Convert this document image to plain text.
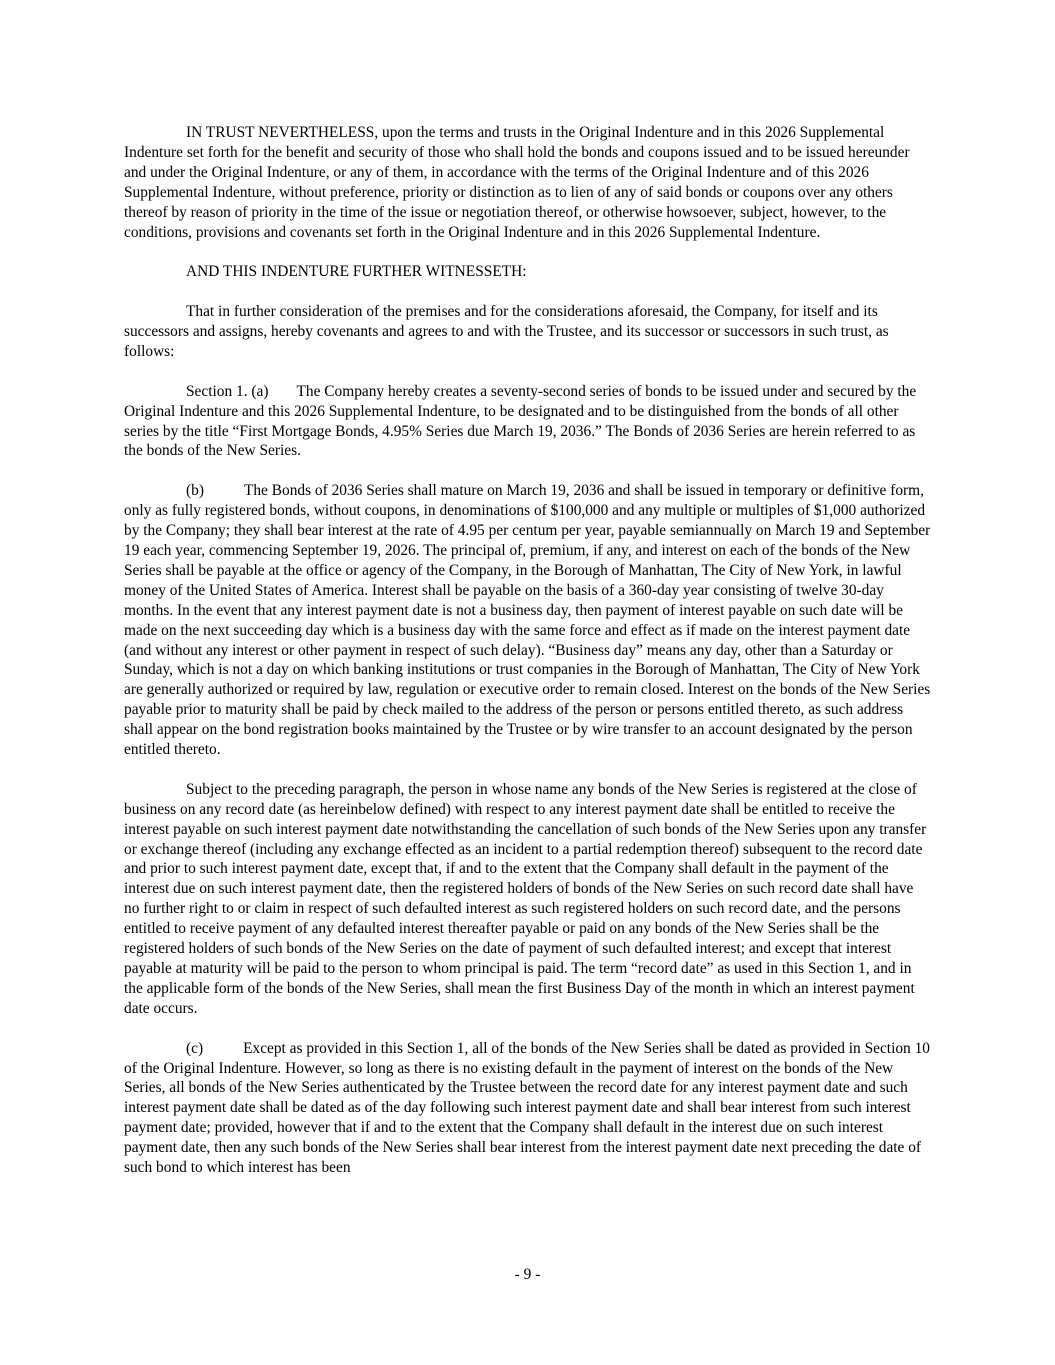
IN TRUST NEVERTHELESS, upon the terms and trusts in the Original Indenture and in this 2026 Supplemental Indenture set forth for the benefit and security of those who shall hold the bonds and coupons issued and to be issued hereunder and under the Original Indenture, or any of them, in accordance with the terms of the Original Indenture and of this 2026 Supplemental Indenture, without preference, priority or distinction as to lien of any of said bonds or coupons over any others thereof by reason of priority in the time of the issue or negotiation thereof, or otherwise howsoever, subject, however, to the conditions, provisions and covenants set forth in the Original Indenture and in this 2026 Supplemental Indenture.

AND THIS INDENTURE FURTHER WITNESSETH:

That in further consideration of the premises and for the considerations aforesaid, the Company, for itself and its successors and assigns, hereby covenants and agrees to and with the Trustee, and its successor or successors in such trust, as follows:

Section 1. (a) The Company hereby creates a seventy-second series of bonds to be issued under and secured by the Original Indenture and this 2026 Supplemental Indenture, to be designated and to be distinguished from the bonds of all other series by the title “First Mortgage Bonds, 4.95% Series due March 19, 2036.” The Bonds of 2036 Series are herein referred to as the bonds of the New Series.

(b)	The Bonds of 2036 Series shall mature on March 19, 2036 and shall be issued in temporary or definitive form, only as fully registered bonds, without coupons, in denominations of $100,000 and any multiple or multiples of $1,000 authorized by the Company; they shall bear interest at the rate of 4.95 per centum per year, payable semiannually on March 19 and September 19 each year, commencing September 19, 2026. The principal of, premium, if any, and interest on each of the bonds of the New Series shall be payable at the office or agency of the Company, in the Borough of Manhattan, The City of New York, in lawful money of the United States of America. Interest shall be payable on the basis of a 360-day year consisting of twelve 30-day months. In the event that any interest payment date is not a business day, then payment of interest payable on such date will be made on the next succeeding day which is a business day with the same force and effect as if made on the interest payment date (and without any interest or other payment in respect of such delay). “Business day” means any day, other than a Saturday or Sunday, which is not a day on which banking institutions or trust companies in the Borough of Manhattan, The City of New York are generally authorized or required by law, regulation or executive order to remain closed. Interest on the bonds of the New Series payable prior to maturity shall be paid by check mailed to the address of the person or persons entitled thereto, as such address shall appear on the bond registration books maintained by the Trustee or by wire transfer to an account designated by the person entitled thereto.

Subject to the preceding paragraph, the person in whose name any bonds of the New Series is registered at the close of business on any record date (as hereinbelow defined) with respect to any interest payment date shall be entitled to receive the interest payable on such interest payment date notwithstanding the cancellation of such bonds of the New Series upon any transfer or exchange thereof (including any exchange effected as an incident to a partial redemption thereof) subsequent to the record date and prior to such interest payment date, except that, if and to the extent that the Company shall default in the payment of the interest due on such interest payment date, then the registered holders of bonds of the New Series on such record date shall have no further right to or claim in respect of such defaulted interest as such registered holders on such record date, and the persons entitled to receive payment of any defaulted interest thereafter payable or paid on any bonds of the New Series shall be the registered holders of such bonds of the New Series on the date of payment of such defaulted interest; and except that interest payable at maturity will be paid to the person to whom principal is paid. The term “record date” as used in this Section 1, and in the applicable form of the bonds of the New Series, shall mean the first Business Day of the month in which an interest payment date occurs.

(c)	Except as provided in this Section 1, all of the bonds of the New Series shall be dated as provided in Section 10 of the Original Indenture. However, so long as there is no existing default in the payment of interest on the bonds of the New Series, all bonds of the New Series authenticated by the Trustee between the record date for any interest payment date and such interest payment date shall be dated as of the day following such interest payment date and shall bear interest from such interest payment date; provided, however that if and to the extent that the Company shall default in the interest due on such interest payment date, then any such bonds of the New Series shall bear interest from the interest payment date next preceding the date of such bond to which interest has been

- 9 -
